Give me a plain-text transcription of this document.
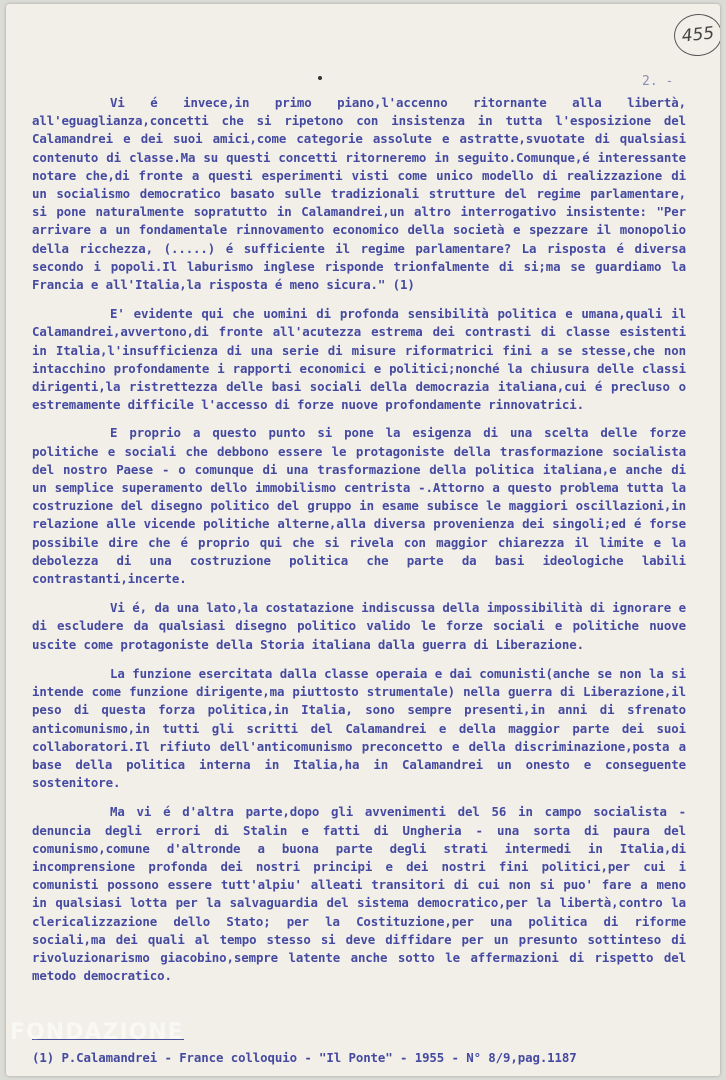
455
2. -

Vi é invece,in primo piano,l'accenno ritornante alla libertà, all'eguaglianza,concetti che si ripetono con insistenza in tutta l'esposizione del Calamandrei e dei suoi amici,come categorie assolute e astratte,svuotate di qualsiasi contenuto di classe.Ma su questi concetti ritorneremo in seguito.Comunque,é interessante notare che,di fronte a questi esperimenti visti come unico modello di realizzazione di un socialismo democratico basato sulle tradizionali strutture del regime parlamentare, si pone naturalmente sopratutto in Calamandrei,un altro interrogativo insistente: "Per arrivare a un fondamentale rinnovamento economico della società e spezzare il monopolio della ricchezza, (.....) é sufficiente il regime parlamentare? La risposta é diversa secondo i popoli.Il laburismo inglese risponde trionfalmente di si;ma se guardiamo la Francia e all'Italia,la risposta é meno sicura." (1)

E' evidente qui che uomini di profonda sensibilità politica e umana,quali il Calamandrei,avvertono,di fronte all'acutezza estrema dei contrasti di classe esistenti in Italia,l'insufficienza di una serie di misure riformatrici fini a se stesse,che non intacchino profondamente i rapporti economici e politici;nonché la chiusura delle classi dirigenti,la ristrettezza delle basi sociali della democrazia italiana,cui é precluso o estremamente difficile l'accesso di forze nuove profondamente rinnovatrici.

E proprio a questo punto si pone la esigenza di una scelta delle forze politiche e sociali che debbono essere le protagoniste della trasformazione socialista del nostro Paese - o comunque di una trasformazione della politica italiana,e anche di un semplice superamento dello immobilismo centrista -.Attorno a questo problema tutta la costruzione del disegno politico del gruppo in esame subisce le maggiori oscillazioni,in relazione alle vicende politiche alterne,alla diversa provenienza dei singoli;ed é forse possibile dire che é proprio qui che si rivela con maggior chiarezza il limite e la debolezza di una costruzione politica che parte da basi ideologiche labili contrastanti,incerte.

Vi é, da una lato,la costatazione indiscussa della impossibilità di ignorare e di escludere da qualsiasi disegno politico valido le forze sociali e politiche nuove uscite come protagoniste della Storia italiana dalla guerra di Liberazione.

La funzione esercitata dalla classe operaia e dai comunisti(anche se non la si intende come funzione dirigente,ma piuttosto strumentale) nella guerra di Liberazione,il peso di questa forza politica,in Italia, sono sempre presenti,in anni di sfrenato anticomunismo,in tutti gli scritti del Calamandrei e della maggior parte dei suoi collaboratori.Il rifiuto dell'anticomunismo preconcetto e della discriminazione,posta a base della politica interna in Italia,ha in Calamandrei un onesto e conseguente sostenitore.

Ma vi é d'altra parte,dopo gli avvenimenti del 56 in campo socialista - denuncia degli errori di Stalin e fatti di Ungheria - una sorta di paura del comunismo,comune d'altronde a buona parte degli strati intermedi in Italia,di incomprensione profonda dei nostri principi e dei nostri fini politici,per cui i comunisti possono essere tutt'alpiu' alleati transitori di cui non si puo' fare a meno in qualsiasi lotta per la salvaguardia del sistema democratico,per la libertà,contro la clericalizzazione dello Stato; per la Costituzione,per una politica di riforme sociali,ma dei quali al tempo stesso si deve diffidare per un presunto sottinteso di rivoluzionarismo giacobino,sempre latente anche sotto le affermazioni di rispetto del metodo democratico.

(1) P.Calamandrei - France colloquio - "Il Ponte" - 1955 - N° 8/9,pag.1187
FONDAZIONE
